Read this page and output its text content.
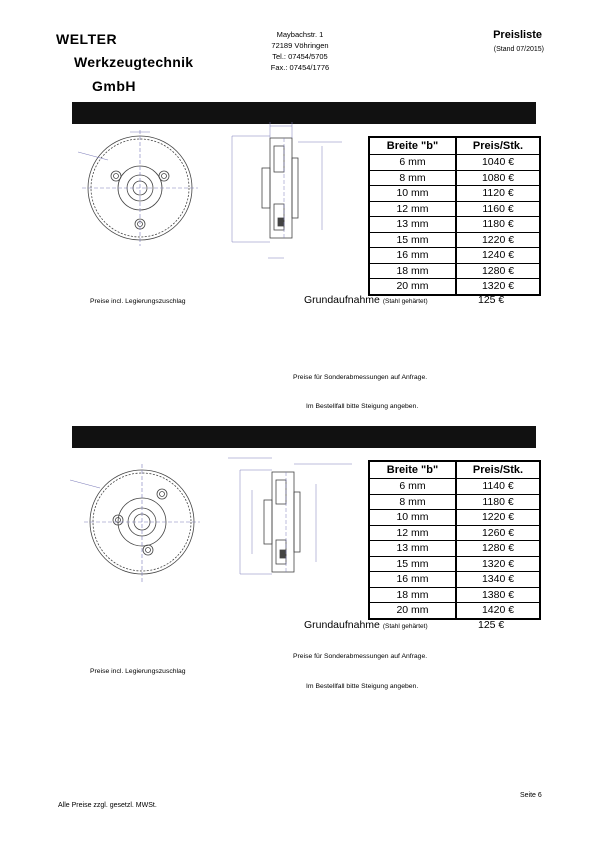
WELTER
Werkzeugtechnik
GmbH
Maybachstr. 1
72189 Vöhringen
Tel.: 07454/5705
Fax.: 07454/1776
Preisliste
(Stand 07/2015)
Breite "b"	Preis/Stk.
6 mm	1040 €
8 mm	1080 €
10 mm	1120 €
12 mm	1160 €
13 mm	1180 €
15 mm	1220 €
16 mm	1240 €
18 mm	1280 €
20 mm	1320 €
Grundaufnahme (Stahl gehärtet)	125 €
Preise incl. Legierungszuschlag
Preise für Sonderabmessungen auf Anfrage.
Im Bestellfall bitte Steigung angeben.
Breite "b"	Preis/Stk.
6 mm	1140 €
8 mm	1180 €
10 mm	1220 €
12 mm	1260 €
13 mm	1280 €
15 mm	1320 €
16 mm	1340 €
18 mm	1380 €
20 mm	1420 €
Grundaufnahme (Stahl gehärtet)	125 €
Preise für Sonderabmessungen auf Anfrage.
Preise incl. Legierungszuschlag
Im Bestellfall bitte Steigung angeben.
Alle Preise zzgl. gesetzl. MWSt.
Seite 6
